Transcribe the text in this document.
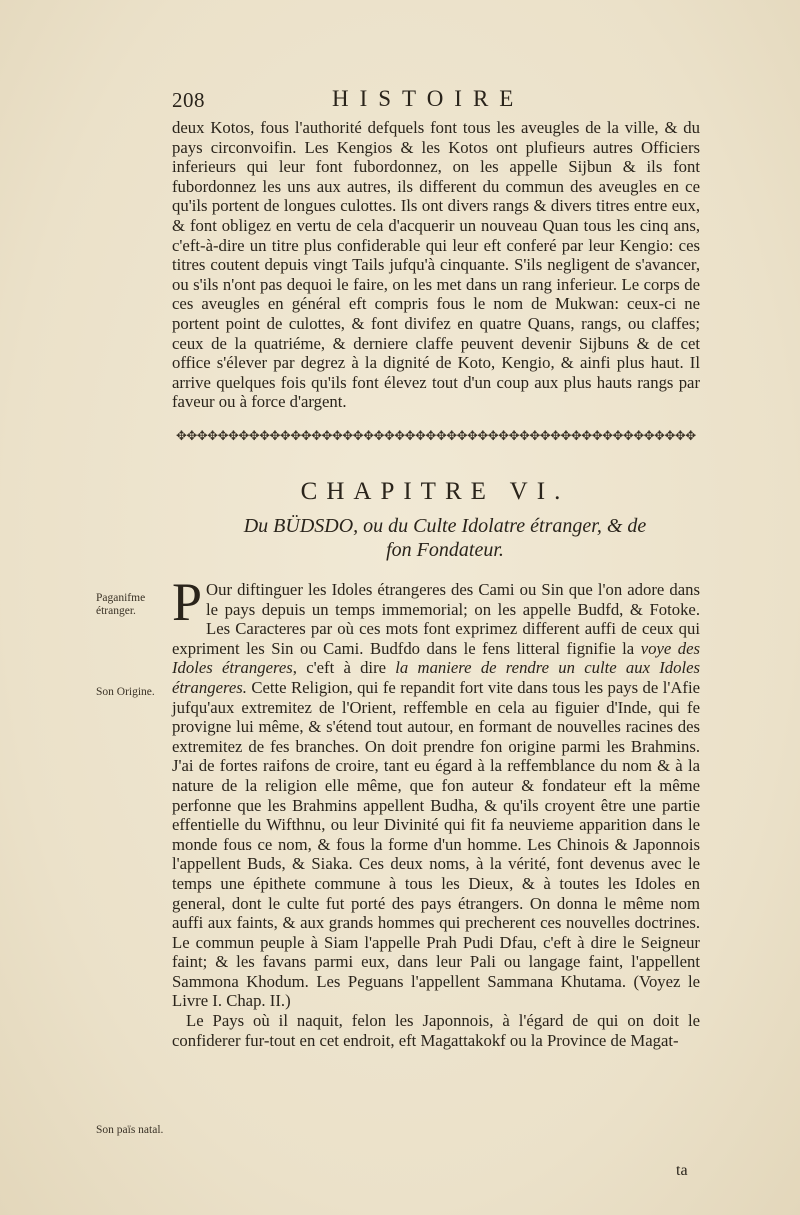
208	HISTOIRE
deux Kotos, fous l'authorité defquels font tous les aveugles de la ville, & du pays circonvoifin. Les Kengios & les Kotos ont plufieurs autres Officiers inferieurs qui leur font fubordonnez, on les appelle Sijbun & ils font fubordonnez les uns aux autres, ils different du commun des aveugles en ce qu'ils portent de longues culottes. Ils ont divers rangs & divers titres entre eux, & font obligez en vertu de cela d'acquerir un nouveau Quan tous les cinq ans, c'eft-à-dire un titre plus confiderable qui leur eft conferé par leur Kengio: ces titres coutent depuis vingt Tails jufqu'à cinquante. S'ils negligent de s'avancer, ou s'ils n'ont pas dequoi le faire, on les met dans un rang inferieur. Le corps de ces aveugles en général eft compris fous le nom de Mukwan: ceux-ci ne portent point de culottes, & font divifez en quatre Quans, rangs, ou claffes; ceux de la quatriéme, & derniere claffe peuvent devenir Sijbuns & de cet office s'élever par degrez à la dignité de Koto, Kengio, & ainfi plus haut. Il arrive quelques fois qu'ils font élevez tout d'un coup aux plus hauts rangs par faveur ou à force d'argent.
✥✥✥✥✥✥✥✥✥✥✥✥✥✥✥✥✥✥✥✥✥✥✥✥✥✥✥✥✥✥✥✥✥✥✥✥✥✥✥✥✥✥✥✥✥✥✥✥✥✥
CHAPITRE VI.
Du BÜDSDO, ou du Culte Idolatre étranger, & de
fon Fondateur.
Paganifme étranger.
Son Origine.
Son païs natal.

P Our diftinguer les Idoles étrangeres des Cami ou Sin que l'on adore dans le pays depuis un temps immemorial; on les appelle Budfd, & Fotoke. Les Caracteres par où ces mots font exprimez different auffi de ceux qui expriment les Sin ou Cami. Budfdo dans le fens litteral fignifie la voye des Idoles étrangeres, c'eft à dire la maniere de rendre un culte aux Idoles étrangeres. Cette Religion, qui fe repandit fort vite dans tous les pays de l'Afie jufqu'aux extremitez de l'Orient, reffemble en cela au figuier d'Inde, qui fe provigne lui même, & s'étend tout autour, en formant de nouvelles racines des extremitez de fes branches. On doit prendre fon origine parmi les Brahmins. J'ai de fortes raifons de croire, tant eu égard à la reffemblance du nom & à la nature de la religion elle même, que fon auteur & fondateur eft la même perfonne que les Brahmins appellent Budha, & qu'ils croyent être une partie effentielle du Wifthnu, ou leur Divinité qui fit fa neuvieme apparition dans le monde fous ce nom, & fous la forme d'un homme. Les Chinois & Japonnois l'appellent Buds, & Siaka. Ces deux noms, à la vérité, font devenus avec le temps une épithete commune à tous les Dieux, & à toutes les Idoles en general, dont le culte fut porté des pays étrangers. On donna le même nom auffi aux faints, & aux grands hommes qui precherent ces nouvelles doctrines. Le commun peuple à Siam l'appelle Prah Pudi Dfau, c'eft à dire le Seigneur faint; & les favans parmi eux, dans leur Pali ou langage faint, l'appellent Sammona Khodum. Les Peguans l'appellent Sammana Khutama. (Voyez le Livre I. Chap. II.)

Le Pays où il naquit, felon les Japonnois, à l'égard de qui on doit le confiderer fur-tout en cet endroit, eft Magattakokf ou la Province de Magat-

ta
